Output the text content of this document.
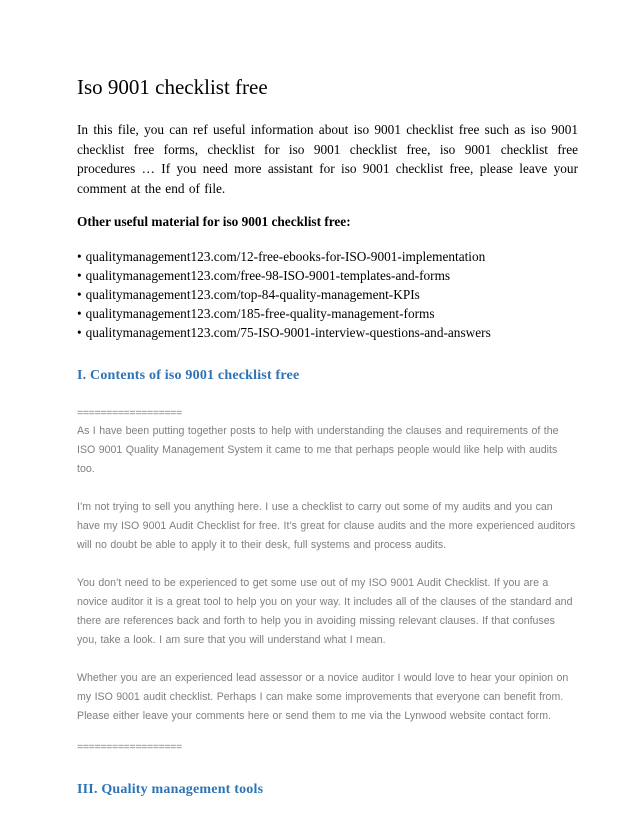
Iso 9001 checklist free

In this file, you can ref useful information about iso 9001 checklist free such as iso 9001 checklist free forms, checklist for iso 9001 checklist free, iso 9001 checklist free procedures … If you need more assistant for iso 9001 checklist free, please leave your comment at the end of file.

Other useful material for iso 9001 checklist free:

• qualitymanagement123.com/12-free-ebooks-for-ISO-9001-implementation
• qualitymanagement123.com/free-98-ISO-9001-templates-and-forms
• qualitymanagement123.com/top-84-quality-management-KPIs
• qualitymanagement123.com/185-free-quality-management-forms
• qualitymanagement123.com/75-ISO-9001-interview-questions-and-answers
I. Contents of iso 9001 checklist free
==================

As I have been putting together posts to help with understanding the clauses and requirements of the ISO 9001 Quality Management System it came to me that perhaps people would like help with audits too.

I’m not trying to sell you anything here. I use a checklist to carry out some of my audits and you can have my ISO 9001 Audit Checklist for free. It’s great for clause audits and the more experienced auditors will no doubt be able to apply it to their desk, full systems and process audits.

You don’t need to be experienced to get some use out of my ISO 9001 Audit Checklist. If you are a novice auditor it is a great tool to help you on your way. It includes all of the clauses of the standard and there are references back and forth to help you in avoiding missing relevant clauses. If that confuses you, take a look. I am sure that you will understand what I mean.

Whether you are an experienced lead assessor or a novice auditor I would love to hear your opinion on my ISO 9001 audit checklist. Perhaps I can make some improvements that everyone can benefit from. Please either leave your comments here or send them to me via the Lynwood website contact form.

==================
III. Quality management tools
